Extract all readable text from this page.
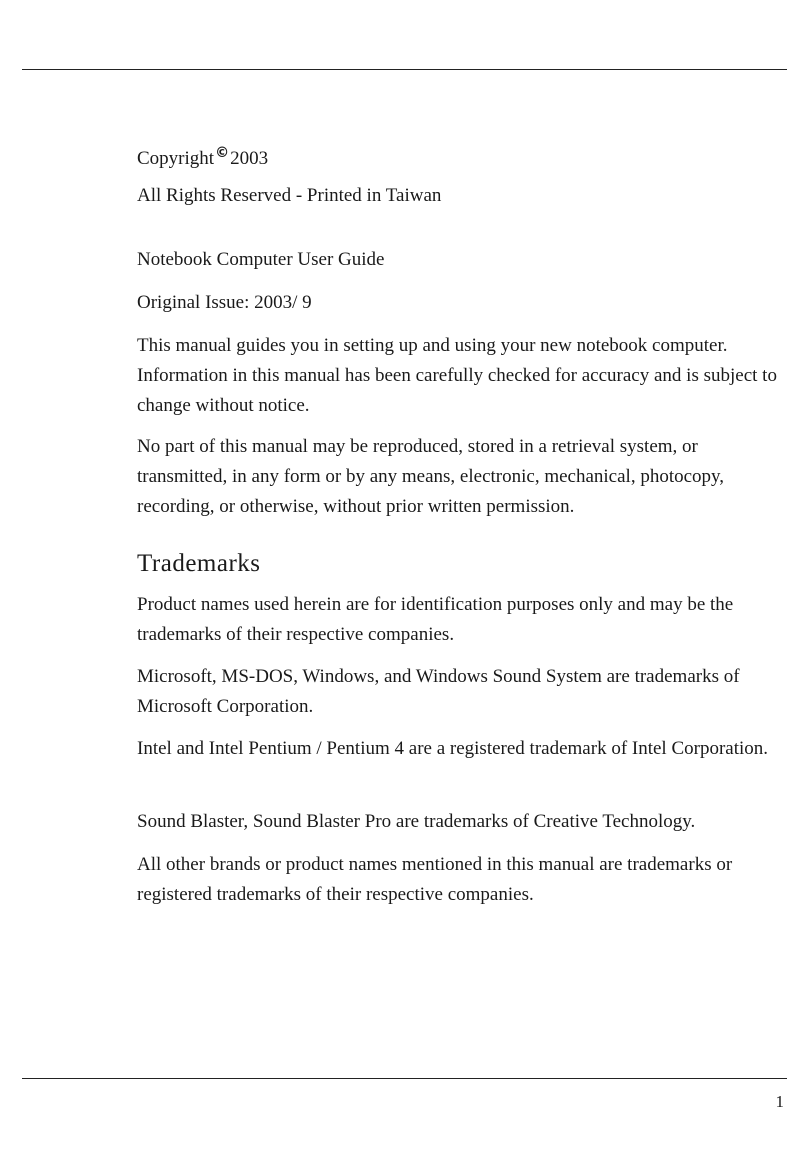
Copyright©2003
All Rights Reserved - Printed in Taiwan
Notebook Computer User Guide
Original Issue: 2003/ 9
This manual guides you in setting up and using your new notebook computer. Information in this manual has been carefully checked for accuracy and is subject to change without notice.
No part of this manual may be reproduced, stored in a retrieval system, or transmitted, in any form or by any means, electronic, mechanical, photocopy, recording, or otherwise, without prior written permission.
Trademarks
Product names used herein are for identification purposes only and may be the trademarks of their respective companies.
Microsoft, MS-DOS, Windows, and Windows Sound System are trademarks of Microsoft Corporation.
Intel and Intel Pentium / Pentium 4 are a registered trademark of Intel Corporation.
Sound Blaster, Sound Blaster Pro are trademarks of Creative Technology.
All other brands or product names mentioned in this manual are trademarks or registered trademarks of their respective companies.
1
